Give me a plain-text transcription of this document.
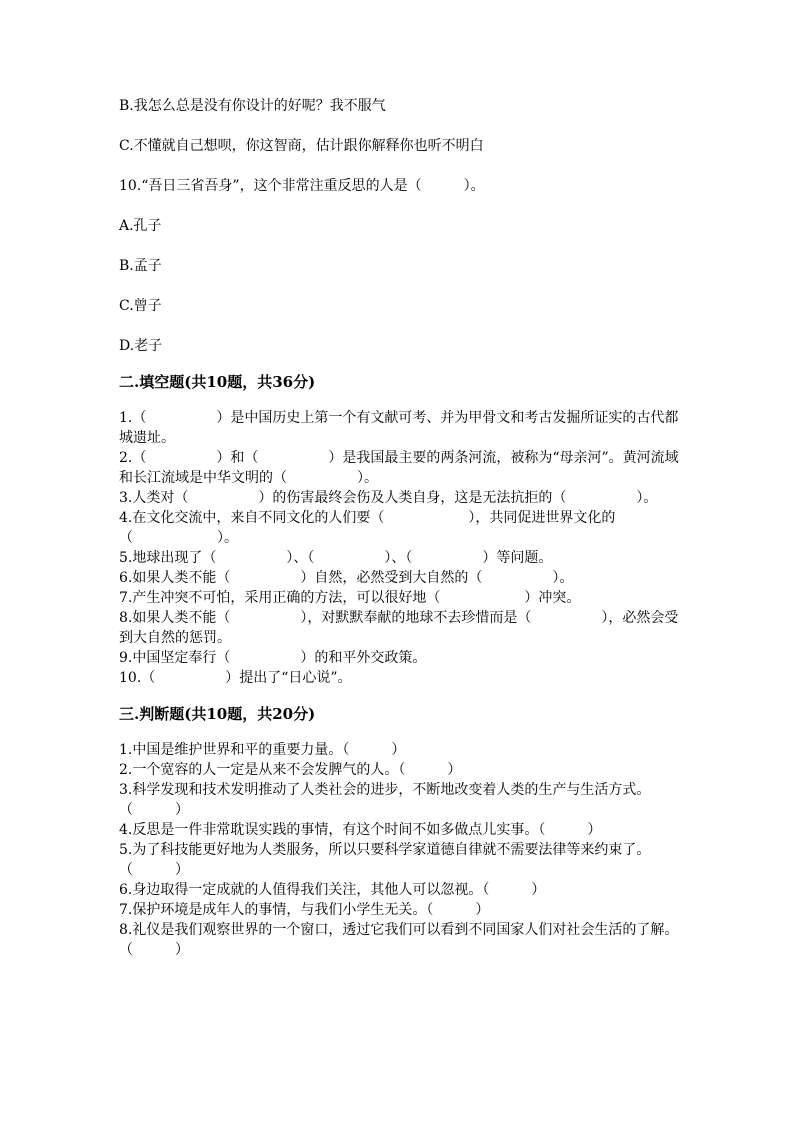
B.我怎么总是没有你设计的好呢？我不服气

C.不懂就自己想呗，你这智商，估计跟你解释你也听不明白

10.“吾日三省吾身”，这个非常注重反思的人是（　　　）。

A.孔子

B.孟子

C.曾子

D.老子

二.填空题(共10题，共36分)

1.（　　　　　）是中国历史上第一个有文献可考、并为甲骨文和考古发掘所证实的古代都城遗址。

2.（　　　　　）和（　　　　　）是我国最主要的两条河流，被称为“母亲河”。黄河流域和长江流域是中华文明的（　　　　　）。

3.人类对（　　　　　）的伤害最终会伤及人类自身，这是无法抗拒的（　　　　　）。

4.在文化交流中，来自不同文化的人们要（　　　　　　），共同促进世界文化的（　　　　　　）。

5.地球出现了（　　　　　）、（　　　　　）、（　　　　　）等问题。

6.如果人类不能（　　　　　）自然，必然受到大自然的（　　　　　）。

7.产生冲突不可怕，采用正确的方法，可以很好地（　　　　　　）冲突。

8.如果人类不能（　　　　　），对默默奉献的地球不去珍惜而是（　　　　　），必然会受到大自然的惩罚。

9.中国坚定奉行（　　　　　）的和平外交政策。

10.（　　　　　）提出了“日心说”。

三.判断题(共10题，共20分)

1.中国是维护世界和平的重要力量。（　　　）

2.一个宽容的人一定是从来不会发脾气的人。（　　　）

3.科学发现和技术发明推动了人类社会的进步，不断地改变着人类的生产与生活方式。（　　　）

4.反思是一件非常耽误实践的事情，有这个时间不如多做点儿实事。（　　　）

5.为了科技能更好地为人类服务，所以只要科学家道德自律就不需要法律等来约束了。（　　　）

6.身边取得一定成就的人值得我们关注，其他人可以忽视。（　　　）

7.保护环境是成年人的事情，与我们小学生无关。（　　　）

8.礼仪是我们观察世界的一个窗口，透过它我们可以看到不同国家人们对社会生活的了解。（　　　）
